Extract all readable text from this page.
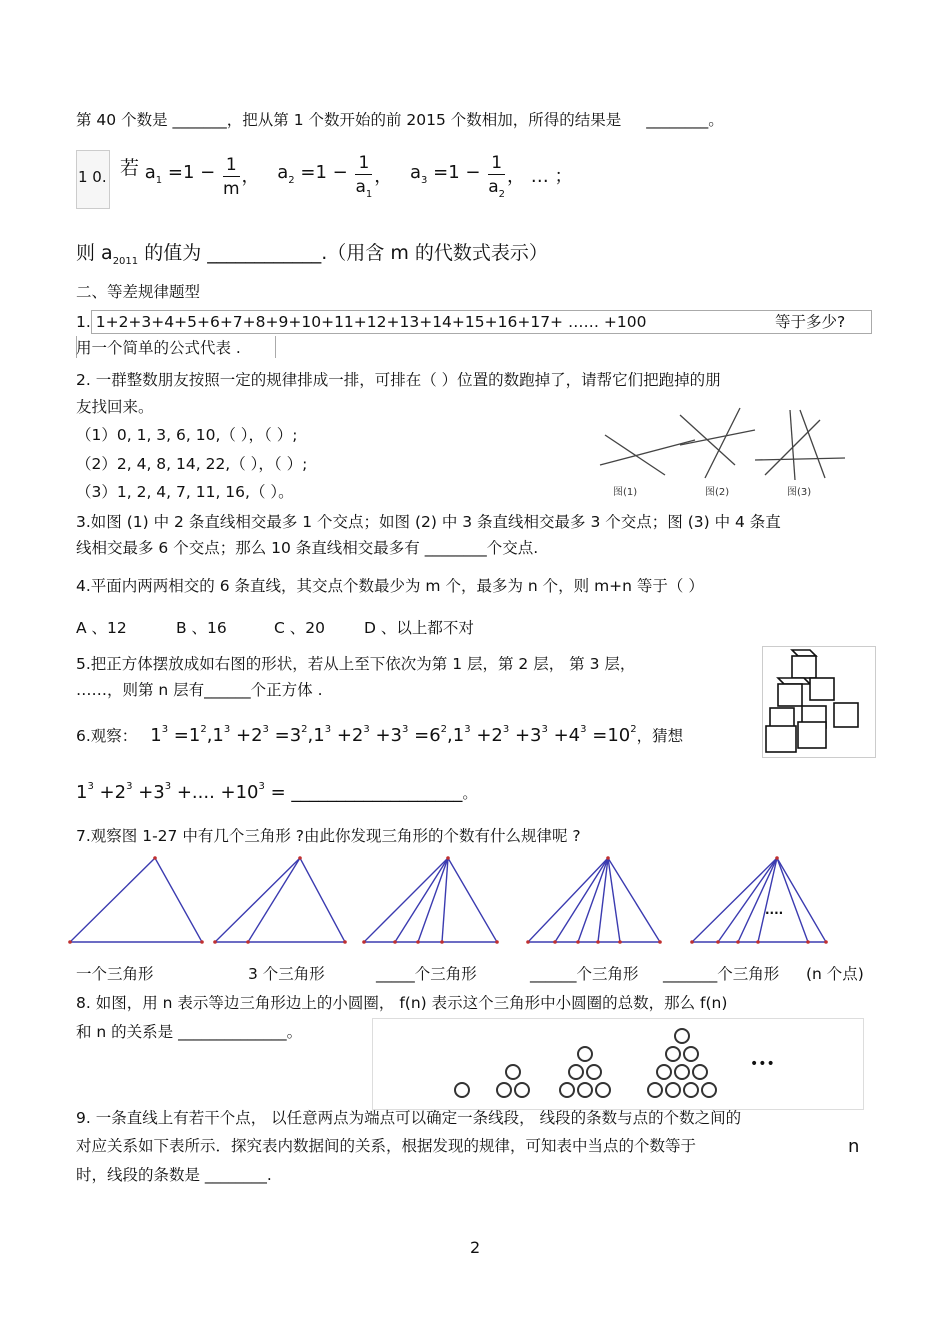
第 40 个数是 _______，把从第 1 个数开始的前 2015 个数相加，所得的结果是 ________。
1 0. 若 $a_1 =1 - \frac{1}{m}$ ， $a_2 =1 - \frac{1}{a_1}$ ， $a_3 =1 - \frac{1}{a_2}$ ， … ；
则 $a_{2011}$ 的值为 ____________.（用含 m 的代数式表示）
二、等差规律题型
1. 1+2+3+4+5+6+7+8+9+10+11+12+13+14+15+16+17+ …… +100	等于多少?
用一个简单的公式代表 .
2. 一群整数朋友按照一定的规律排成一排，可排在（ ）位置的数跑掉了，请帮它们把跑掉的朋
友找回来。
（1）0, 1, 3, 6, 10,（ ），（ ）;
（2）2, 4, 8, 14, 22,（ ），（ ）;
（3）1, 2, 4, 7, 11, 16,（ ）。	图(1)	图(2)	图(3)
3.如图 (1) 中 2 条直线相交最多 1 个交点；如图 (2) 中 3 条直线相交最多 3 个交点；图 (3) 中 4 条直
线相交最多 6 个交点；那么 10 条直线相交最多有 ________个交点.
4.平面内两两相交的 6 条直线，其交点个数最少为 m 个，最多为 n 个，则 m+n 等于（ ）
A 、12	B 、16	C 、20	D 、以上都不对
5.把正方体摆放成如右图的形状，若从上至下依次为第 1 层，第 2 层， 第 3 层，
……，则第 n 层有______个正方体 .
6.观察： $1^3 =1^2,1^3 +2^3 =3^2,1^3 +2^3 +3^3 =6^2,1^3 +2^3 +3^3 +4^3 =10^2$，猜想
$1^3 +2^3 +3^3$ +.... $+10^3$ = ___________________。
7.观察图 1-27 中有几个三角形 ?由此你发现三角形的个数有什么规律呢 ?
....
一个三角形	3 个三角形	_____个三角形	______个三角形 _______个三角形 (n 个点)
8. 如图，用 n 表示等边三角形边上的小圆圈， f(n) 表示这个三角形中小圆圈的总数，那么 f(n)
和 n 的关系是 ______________。
•••
9. 一条直线上有若干个点， 以任意两点为端点可以确定一条线段， 线段的条数与点的个数之间的
对应关系如下表所示．探究表内数据间的关系，根据发现的规律，可知表中当点的个数等于	n
时，线段的条数是 ________.
2
